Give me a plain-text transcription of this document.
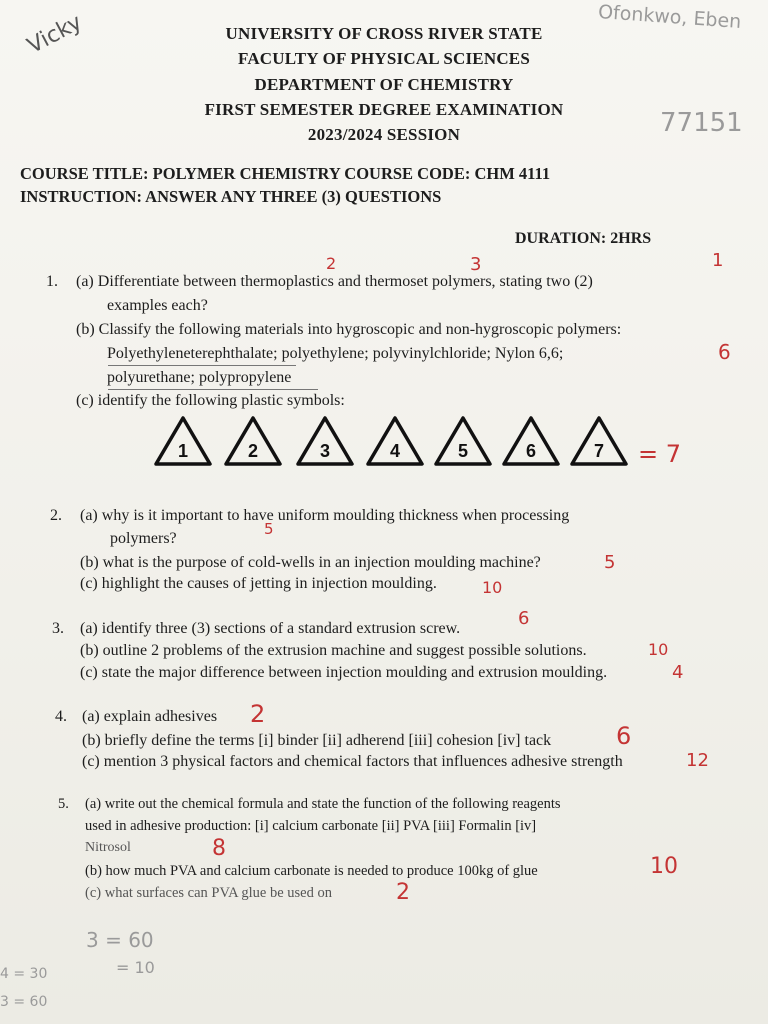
UNIVERSITY OF CROSS RIVER STATE
FACULTY OF PHYSICAL SCIENCES
DEPARTMENT OF CHEMISTRY
FIRST SEMESTER DEGREE EXAMINATION
2023/2024 SESSION
COURSE TITLE: POLYMER CHEMISTRY COURSE CODE: CHM 4111
INSTRUCTION: ANSWER ANY THREE (3) QUESTIONS
DURATION: 2HRS
1. (a) Differentiate between thermoplastics and thermoset polymers, stating two (2)
examples each?
(b) Classify the following materials into hygroscopic and non-hygroscopic polymers:
Polyethyleneterephthalate; polyethylene; polyvinylchloride; Nylon 6,6;
polyurethane; polypropylene
(c) identify the following plastic symbols:
1	2	3	4	5	6	7
2. (a) why is it important to have uniform moulding thickness when processing
polymers?
(b) what is the purpose of cold-wells in an injection moulding machine?
(c) highlight the causes of jetting in injection moulding.
3. (a) identify three (3) sections of a standard extrusion screw.
(b) outline 2 problems of the extrusion machine and suggest possible solutions.
(c) state the major difference between injection moulding and extrusion moulding.
4. (a) explain adhesives
(b) briefly define the terms [i] binder [ii] adherend [iii] cohesion [iv] tack
(c) mention 3 physical factors and chemical factors that influences adhesive strength
5. (a) write out the chemical formula and state the function of the following reagents
used in adhesive production: [i] calcium carbonate [ii] PVA [iii] Formalin [iv]
Nitrosol
(b) how much PVA and calcium carbonate is needed to produce 100kg of glue
(c) what surfaces can PVA glue be used on
Vicky	Ofonkwo, Eben
77151
2	3	1
6
= 7
5
5
10
6
10
4
2
6
12
8
10
2
3 = 60
= 10
4 = 30
3 = 60
